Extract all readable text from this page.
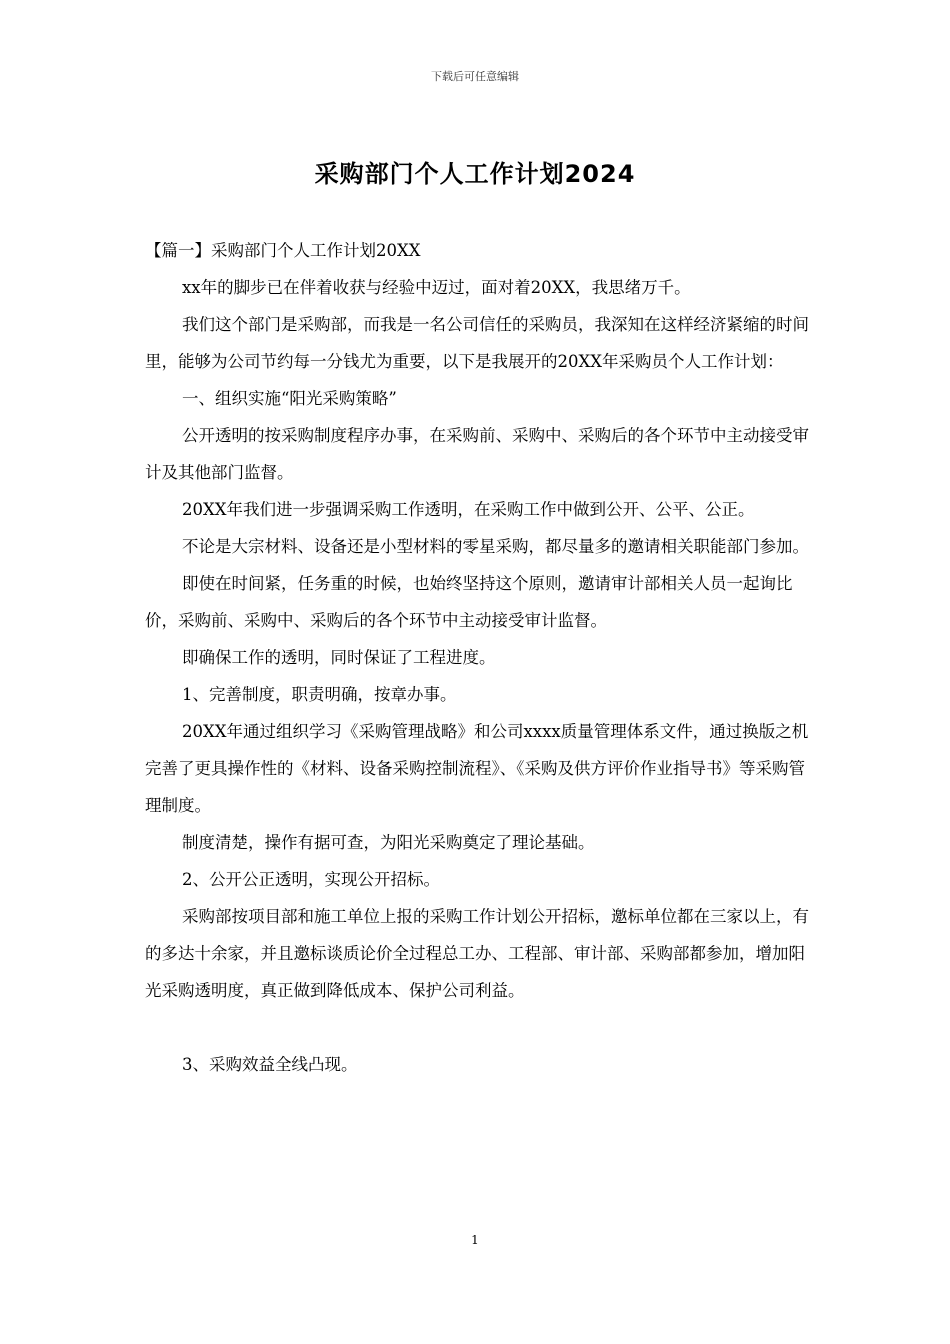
下载后可任意编辑
采购部门个人工作计划2024

【篇一】采购部门个人工作计划20XX

xx年的脚步已在伴着收获与经验中迈过，面对着20XX，我思绪万千。

我们这个部门是采购部，而我是一名公司信任的采购员，我深知在这样经济紧缩的时间里，能够为公司节约每一分钱尤为重要，以下是我展开的20XX年采购员个人工作计划：

一、组织实施“阳光采购策略”

公开透明的按采购制度程序办事，在采购前、采购中、采购后的各个环节中主动接受审计及其他部门监督。

20XX年我们进一步强调采购工作透明，在采购工作中做到公开、公平、公正。

不论是大宗材料、设备还是小型材料的零星采购，都尽量多的邀请相关职能部门参加。

即使在时间紧，任务重的时候，也始终坚持这个原则，邀请审计部相关人员一起询比价，采购前、采购中、采购后的各个环节中主动接受审计监督。

即确保工作的透明，同时保证了工程进度。

1、完善制度，职责明确，按章办事。

20XX年通过组织学习《采购管理战略》和公司xxxx质量管理体系文件，通过换版之机完善了更具操作性的《材料、设备采购控制流程》、《采购及供方评价作业指导书》等采购管理制度。

制度清楚，操作有据可查，为阳光采购奠定了理论基础。

2、公开公正透明，实现公开招标。

采购部按项目部和施工单位上报的采购工作计划公开招标，邀标单位都在三家以上，有的多达十余家，并且邀标谈质论价全过程总工办、工程部、审计部、采购部都参加，增加阳光采购透明度，真正做到降低成本、保护公司利益。

3、采购效益全线凸现。

1
